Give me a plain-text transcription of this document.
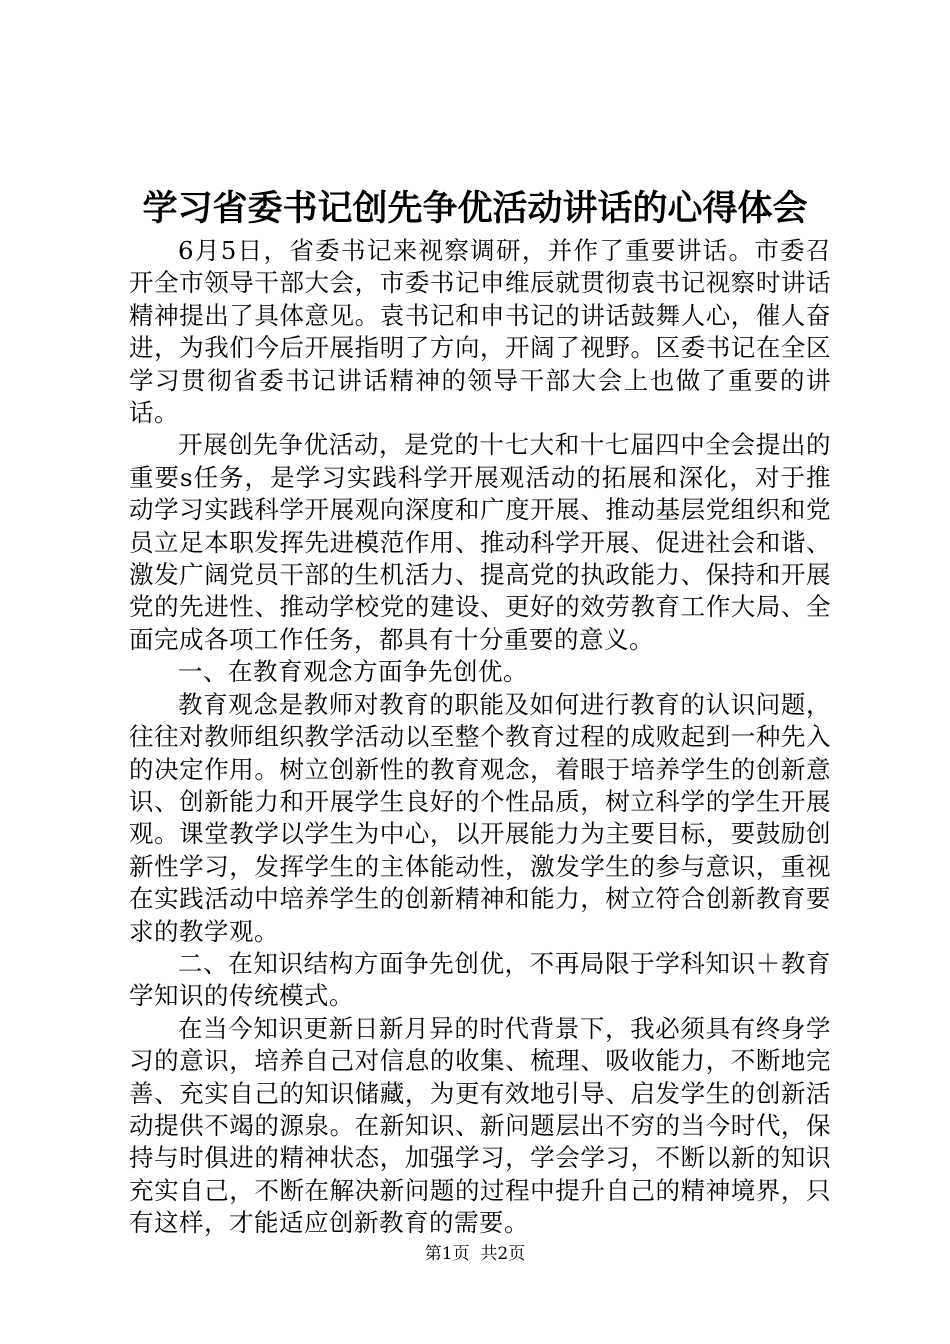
学习省委书记创先争优活动讲话的心得体会

6月5日，省委书记来视察调研，并作了重要讲话。市委召开全市领导干部大会，市委书记申维辰就贯彻袁书记视察时讲话精神提出了具体意见。袁书记和申书记的讲话鼓舞人心，催人奋进，为我们今后开展指明了方向，开阔了视野。区委书记在全区学习贯彻省委书记讲话精神的领导干部大会上也做了重要的讲话。

开展创先争优活动，是党的十七大和十七届四中全会提出的重要s任务，是学习实践科学开展观活动的拓展和深化，对于推动学习实践科学开展观向深度和广度开展、推动基层党组织和党员立足本职发挥先进模范作用、推动科学开展、促进社会和谐、激发广阔党员干部的生机活力、提高党的执政能力、保持和开展党的先进性、推动学校党的建设、更好的效劳教育工作大局、全面完成各项工作任务，都具有十分重要的意义。

一、在教育观念方面争先创优。

教育观念是教师对教育的职能及如何进行教育的认识问题，往往对教师组织教学活动以至整个教育过程的成败起到一种先入的决定作用。树立创新性的教育观念，着眼于培养学生的创新意识、创新能力和开展学生良好的个性品质，树立科学的学生开展观。课堂教学以学生为中心，以开展能力为主要目标，要鼓励创新性学习，发挥学生的主体能动性，激发学生的参与意识，重视在实践活动中培养学生的创新精神和能力，树立符合创新教育要求的教学观。

二、在知识结构方面争先创优，不再局限于学科知识＋教育学知识的传统模式。

在当今知识更新日新月异的时代背景下，我必须具有终身学习的意识，培养自己对信息的收集、梳理、吸收能力，不断地完善、充实自己的知识储藏，为更有效地引导、启发学生的创新活动提供不竭的源泉。在新知识、新问题层出不穷的当今时代，保持与时俱进的精神状态，加强学习，学会学习，不断以新的知识充实自己，不断在解决新问题的过程中提升自己的精神境界，只有这样，才能适应创新教育的需要。

第1页 共2页
